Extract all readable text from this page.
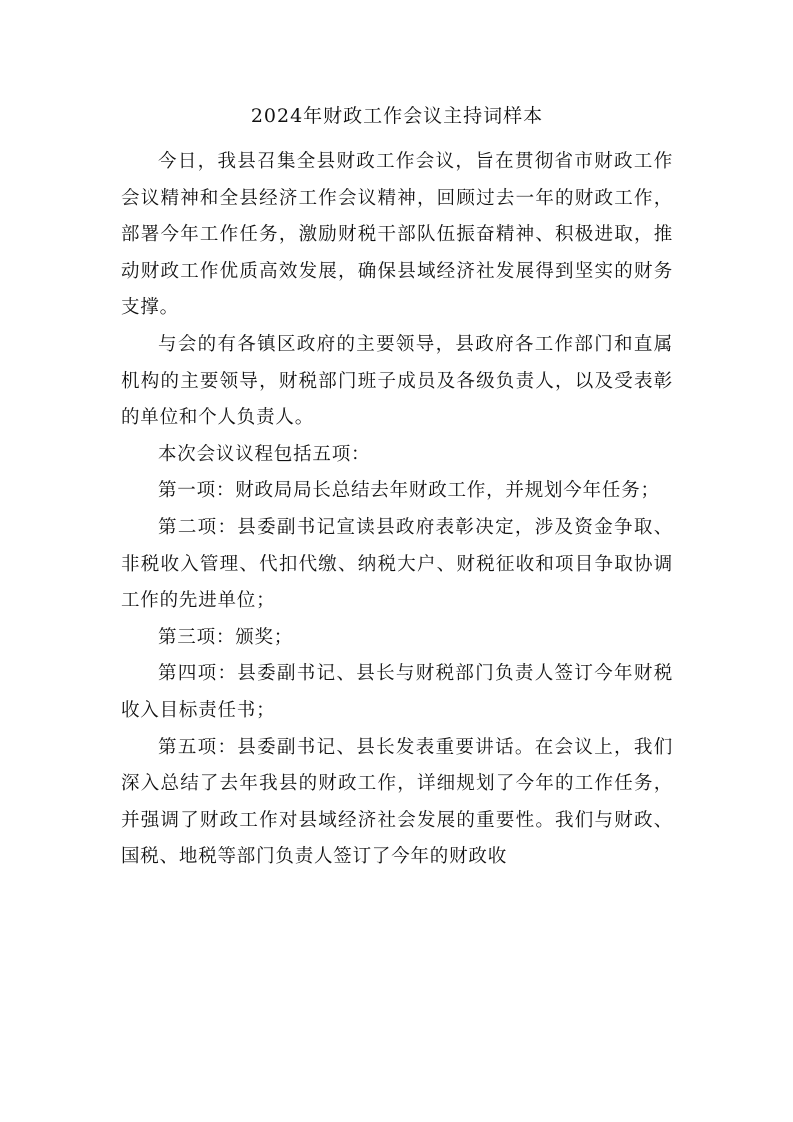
2024年财政工作会议主持词样本

今日，我县召集全县财政工作会议，旨在贯彻省市财政工作会议精神和全县经济工作会议精神，回顾过去一年的财政工作，部署今年工作任务，激励财税干部队伍振奋精神、积极进取，推动财政工作优质高效发展，确保县域经济社发展得到坚实的财务支撑。

与会的有各镇区政府的主要领导，县政府各工作部门和直属机构的主要领导，财税部门班子成员及各级负责人，以及受表彰的单位和个人负责人。

本次会议议程包括五项：

第一项：财政局局长总结去年财政工作，并规划今年任务；

第二项：县委副书记宣读县政府表彰决定，涉及资金争取、非税收入管理、代扣代缴、纳税大户、财税征收和项目争取协调工作的先进单位；

第三项：颁奖；

第四项：县委副书记、县长与财税部门负责人签订今年财税收入目标责任书；

第五项：县委副书记、县长发表重要讲话。在会议上，我们深入总结了去年我县的财政工作，详细规划了今年的工作任务，并强调了财政工作对县域经济社会发展的重要性。我们与财政、国税、地税等部门负责人签订了今年的财政收
